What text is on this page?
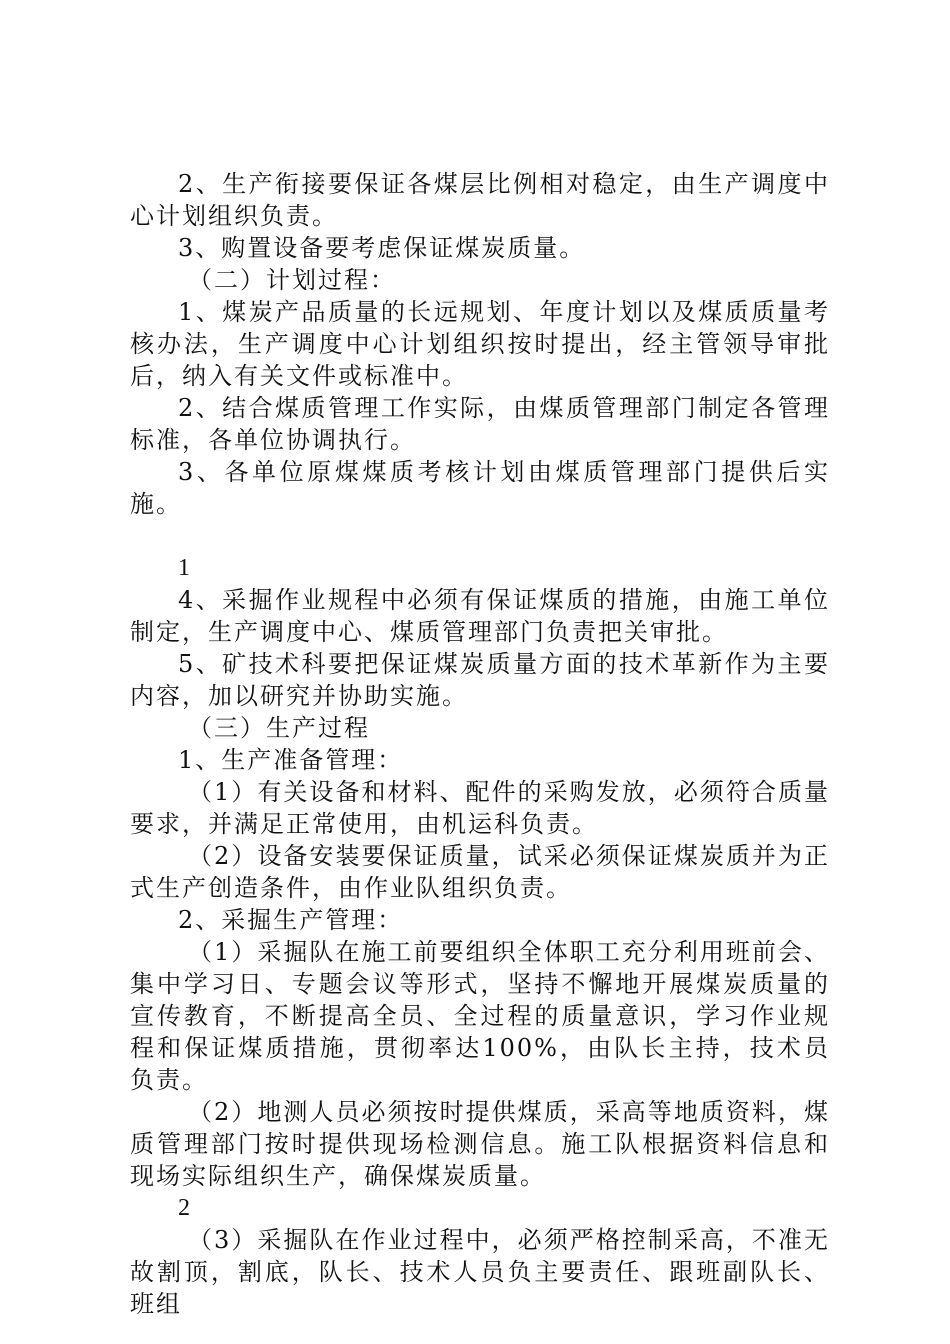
2、生产衔接要保证各煤层比例相对稳定，由生产调度中心计划组织负责。

3、购置设备要考虑保证煤炭质量。

（二）计划过程：

1、煤炭产品质量的长远规划、年度计划以及煤质质量考核办法，生产调度中心计划组织按时提出，经主管领导审批后，纳入有关文件或标准中。

2、结合煤质管理工作实际，由煤质管理部门制定各管理标准，各单位协调执行。

3、各单位原煤煤质考核计划由煤质管理部门提供后实施。

1

4、采掘作业规程中必须有保证煤质的措施，由施工单位制定，生产调度中心、煤质管理部门负责把关审批。

5、矿技术科要把保证煤炭质量方面的技术革新作为主要内容，加以研究并协助实施。

（三）生产过程

1、生产准备管理：

（1）有关设备和材料、配件的采购发放，必须符合质量要求，并满足正常使用，由机运科负责。

（2）设备安装要保证质量，试采必须保证煤炭质并为正式生产创造条件，由作业队组织负责。

2、采掘生产管理：

（1）采掘队在施工前要组织全体职工充分利用班前会、集中学习日、专题会议等形式，坚持不懈地开展煤炭质量的宣传教育，不断提高全员、全过程的质量意识，学习作业规程和保证煤质措施，贯彻率达100%，由队长主持，技术员负责。

（2）地测人员必须按时提供煤质，采高等地质资料，煤质管理部门按时提供现场检测信息。施工队根据资料信息和现场实际组织生产，确保煤炭质量。

2

（3）采掘队在作业过程中，必须严格控制采高，不准无故割顶，割底，队长、技术人员负主要责任、跟班副队长、班组
